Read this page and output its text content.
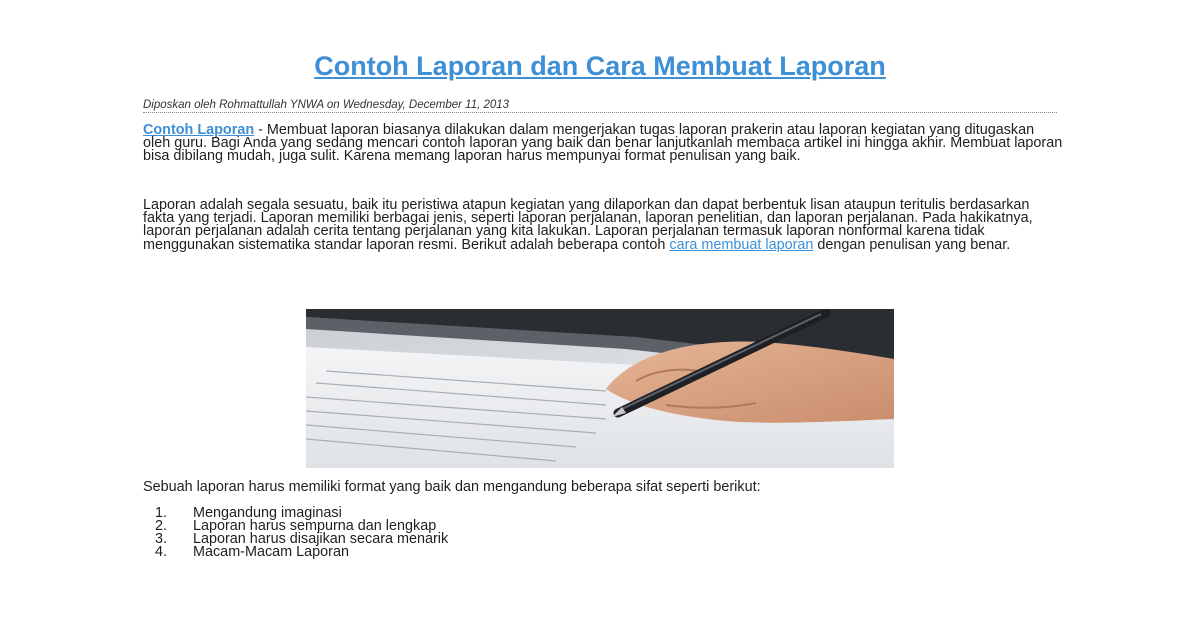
Contoh Laporan dan Cara Membuat Laporan
Diposkan oleh Rohmattullah YNWA on Wednesday, December 11, 2013

Contoh Laporan - Membuat laporan biasanya dilakukan dalam mengerjakan tugas laporan prakerin atau laporan kegiatan yang ditugaskan oleh guru. Bagi Anda yang sedang mencari contoh laporan yang baik dan benar lanjutkanlah membaca artikel ini hingga akhir. Membuat laporan bisa dibilang mudah, juga sulit. Karena memang laporan harus mempunyai format penulisan yang baik.

Laporan adalah segala sesuatu, baik itu peristiwa atapun kegiatan yang dilaporkan dan dapat berbentuk lisan ataupun teritulis berdasarkan fakta yang terjadi. Laporan memiliki berbagai jenis, seperti laporan perjalanan, laporan penelitian, dan laporan perjalanan. Pada hakikatnya, laporan perjalanan adalah cerita tentang perjalanan yang kita lakukan. Laporan perjalanan termasuk laporan nonformal karena tidak menggunakan sistematika standar laporan resmi. Berikut adalah beberapa contoh cara membuat laporan dengan penulisan yang benar.

Sebuah laporan harus memiliki format yang baik dan mengandung beberapa sifat seperti berikut:

1.	Mengandung imaginasi
2.	Laporan harus sempurna dan lengkap
3.	Laporan harus disajikan secara menarik
4.	Macam-Macam Laporan
